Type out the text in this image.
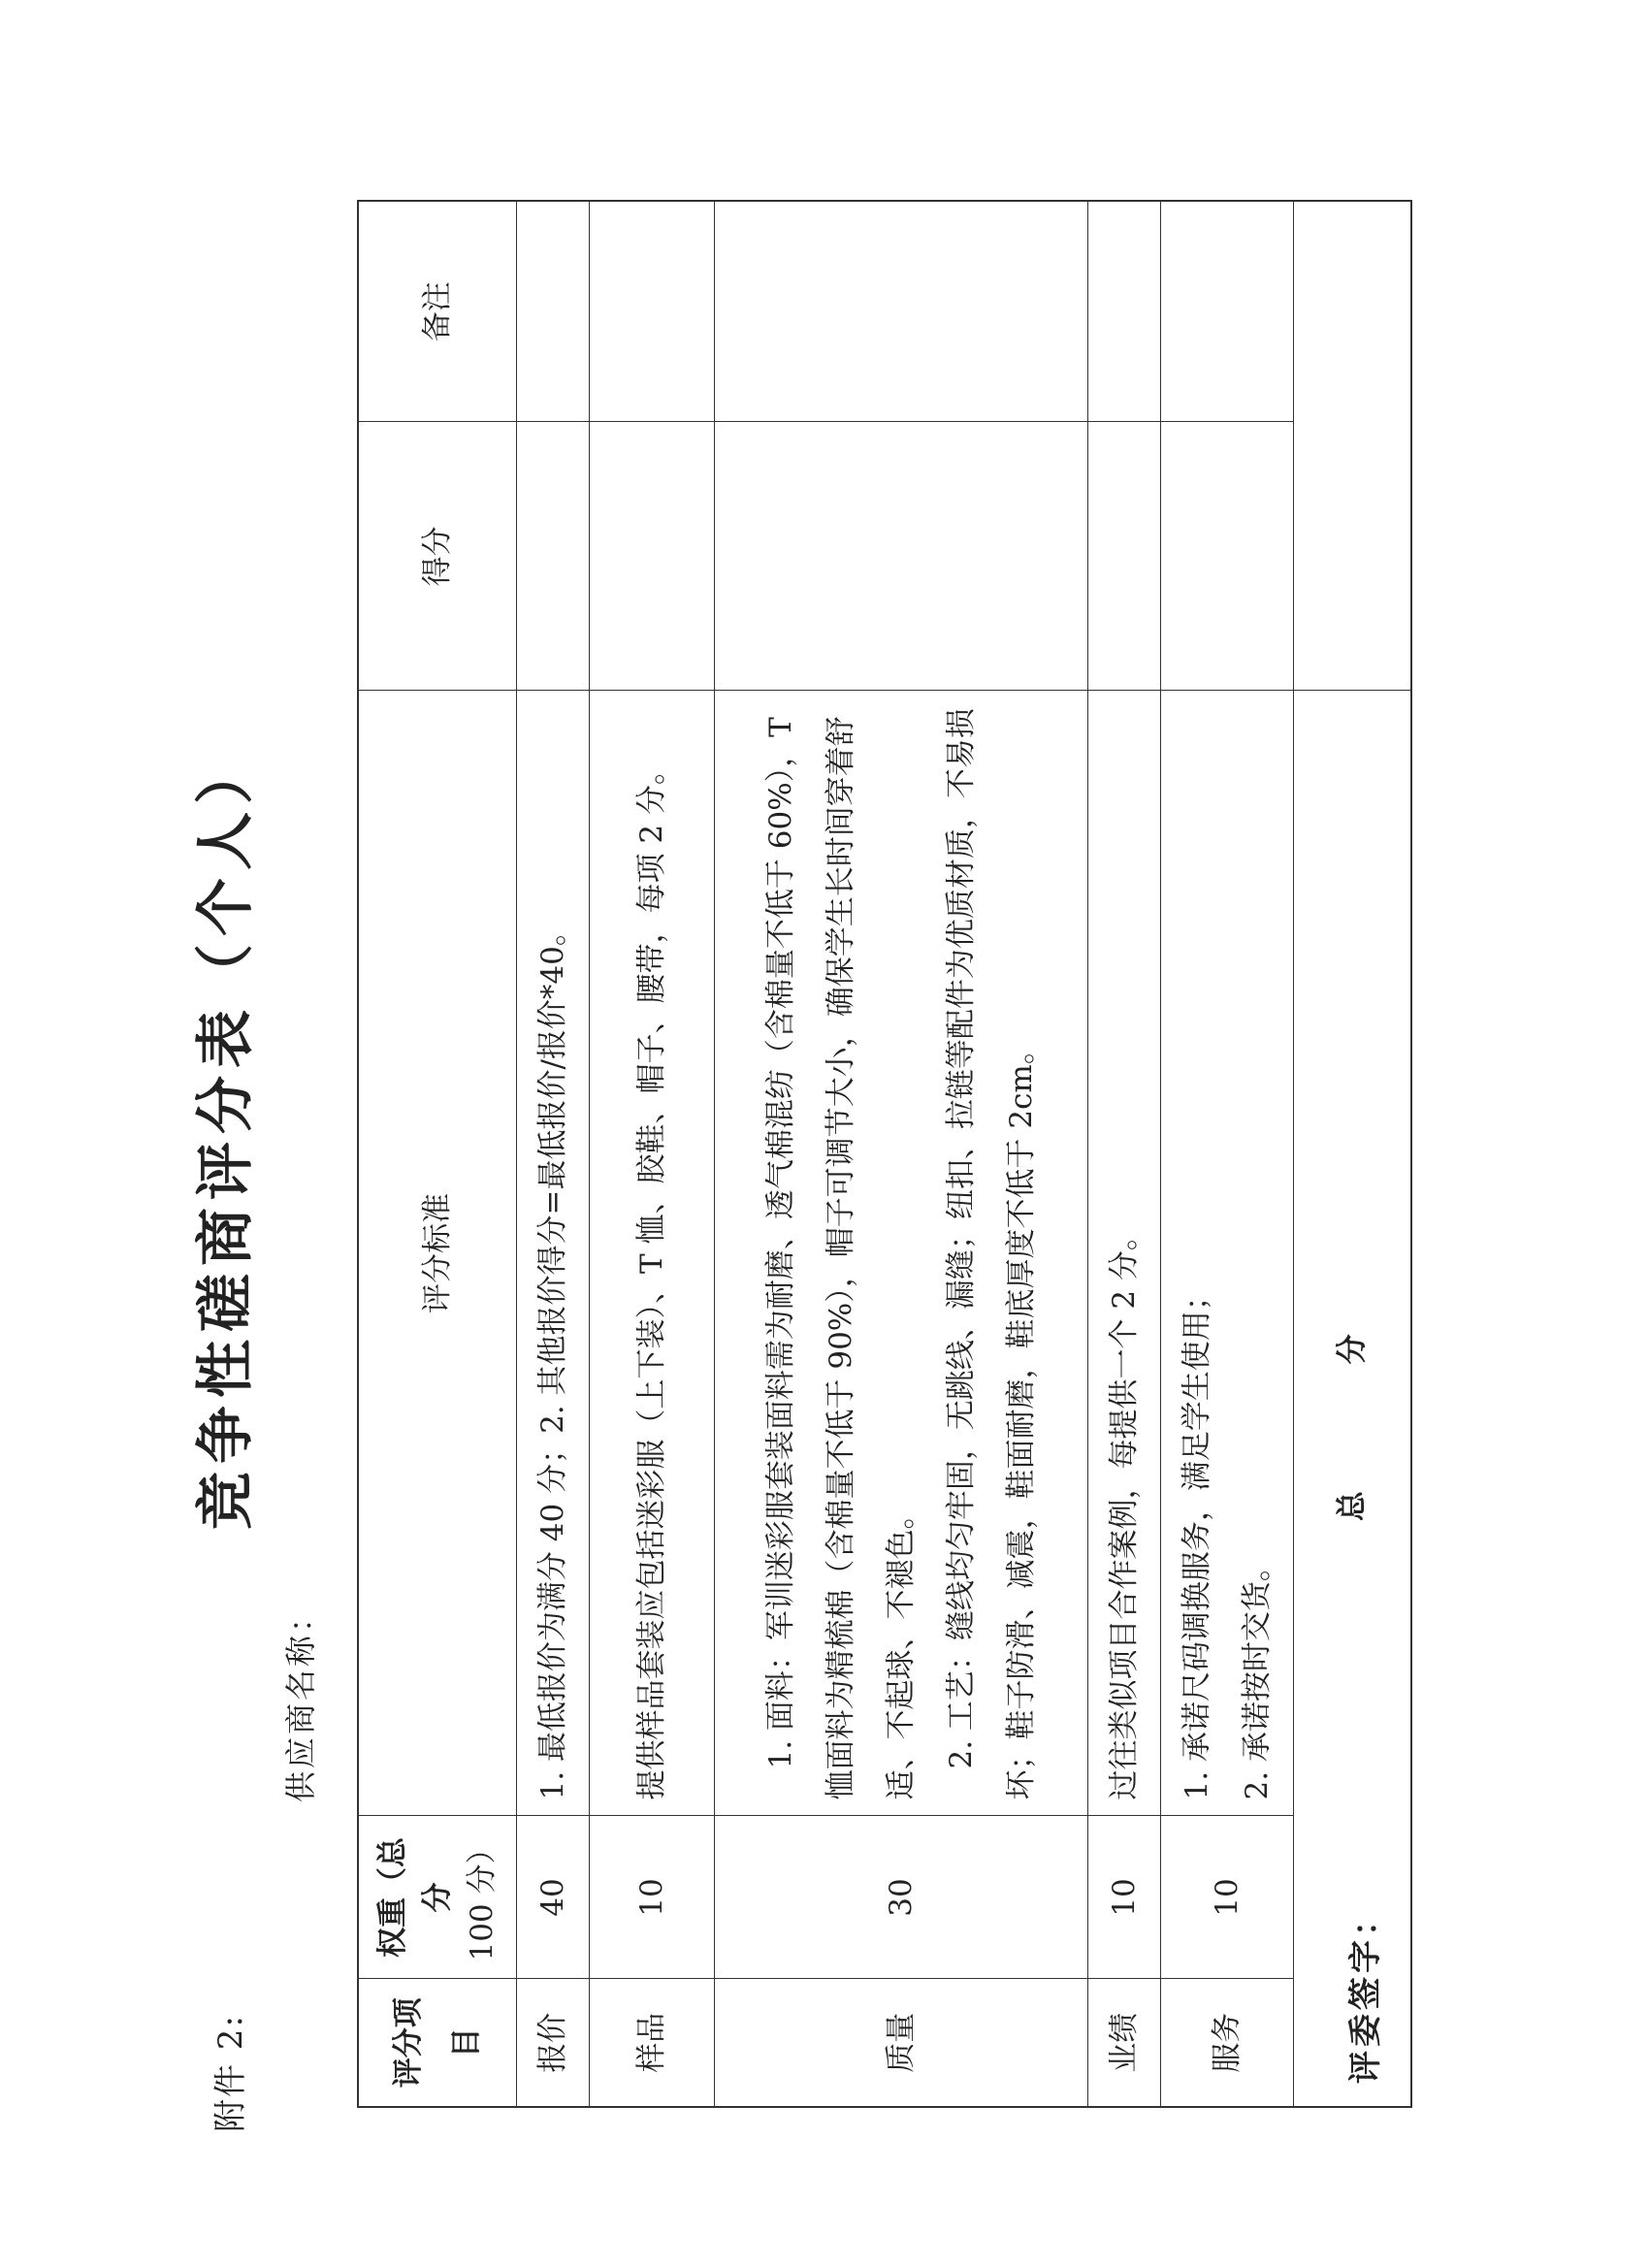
附件 2:
竞争性磋商评分表（个人）
供应商名称：
评分项目	权重（总分 100 分）	评分标准	得分	备注
报价	40	1. 最低报价为满分 40 分；2. 其他报价得分=最低报价/报价*40。		
样品	10	提供样品套装应包括迷彩服（上下装）、T 恤、胶鞋、帽子、腰带，每项 2 分。		
质量	30	1. 面料：军训迷彩服套装面料需为耐磨、透气棉混纺（含棉量不低于 60%），T 恤面料为精梳棉（含棉量不低于 90%），帽子可调节大小，确保学生长时间穿着舒适、不起球、不褪色。 2. 工艺：缝线均匀牢固，无跳线、漏缝；纽扣、拉链等配件为优质材质，不易损坏；鞋子防滑、减震，鞋面耐磨，鞋底厚度不低于 2cm。		

业绩	10	过往类似项目合作案例，每提供一个 2 分。		
服务	10	1. 承诺尺码调换服务，满足学生使用； 2. 承诺按时交货。		

总 分				
评委签字：
